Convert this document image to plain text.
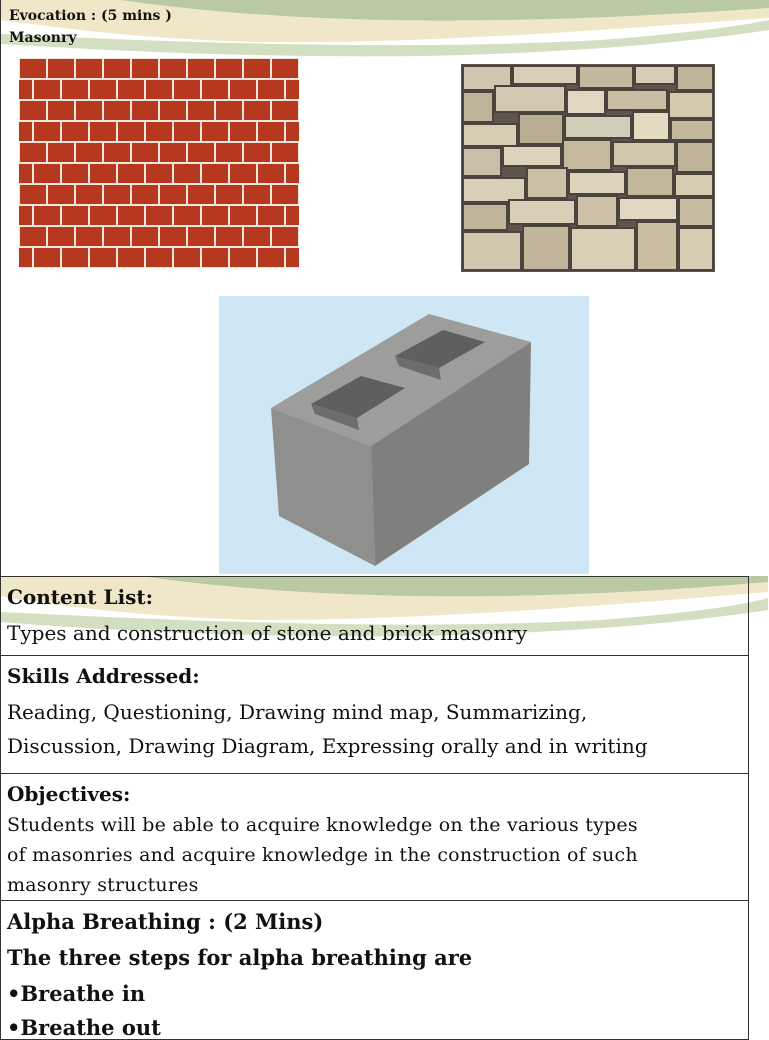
Evocation : (5 mins )
Masonry
Content List:
Types and construction of stone and brick masonry
Skills Addressed:
Reading, Questioning, Drawing mind map, Summarizing,
Discussion, Drawing Diagram, Expressing orally and in writing
Objectives:
Students will be able to acquire knowledge on the various types
of masonries and acquire knowledge in the construction of such
masonry structures
Alpha Breathing : (2 Mins)
The three steps for alpha breathing are
•Breathe in
•Breathe out
